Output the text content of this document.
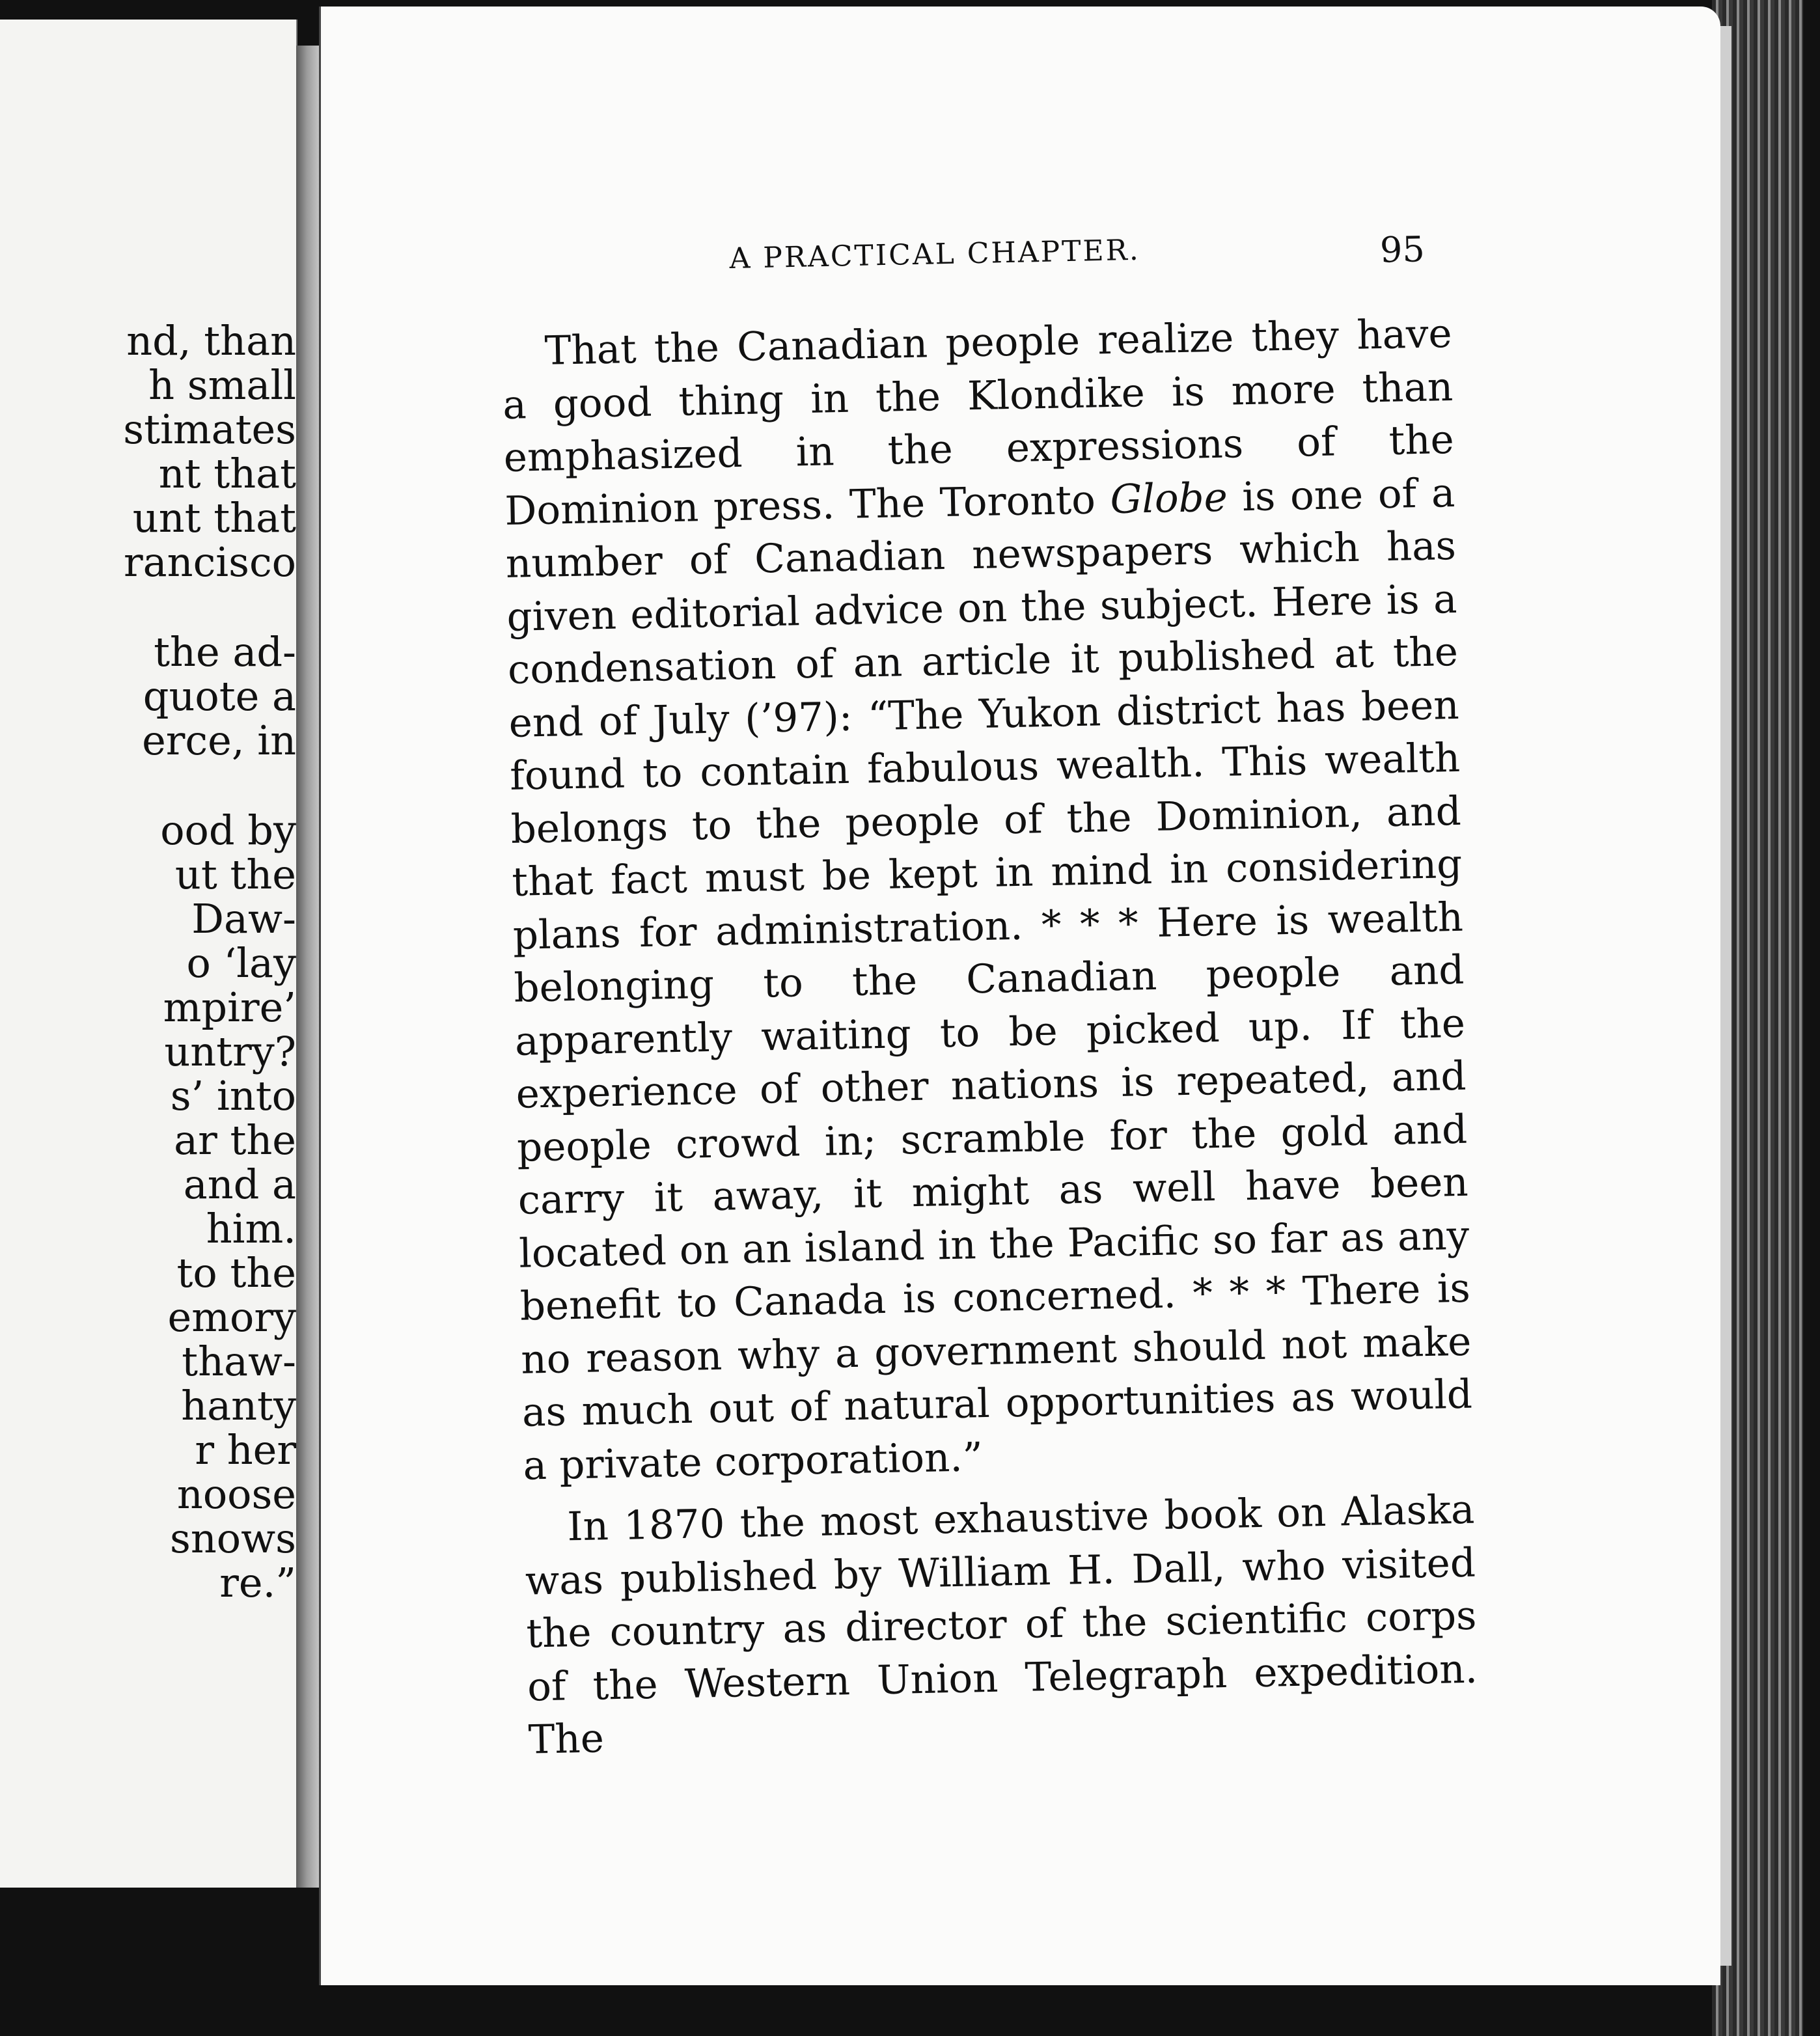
nd, than
h small
stimates
nt that
unt that
rancisco
the ad-
quote a
erce, in
ood by
ut the
Daw-
o ‘lay
mpire’
untry?
s’ into
ar the
and a
him.
to the
emory
thaw-
hanty
r her
noose
snows
re.”
A PRACTICAL CHAPTER.	95

That the Canadian people realize they have a good thing in the Klondike is more than emphasized in the expressions of the Dominion press. The Toronto Globe is one of a number of Canadian newspapers which has given editorial advice on the subject. Here is a condensation of an article it published at the end of July (’97): “The Yukon district has been found to contain fabulous wealth. This wealth belongs to the people of the Dominion, and that fact must be kept in mind in considering plans for administration. * * * Here is wealth belonging to the Canadian people and apparently waiting to be picked up. If the experience of other nations is repeated, and people crowd in; scramble for the gold and carry it away, it might as well have been located on an island in the Pacific so far as any benefit to Canada is concerned. * * * There is no reason why a government should not make as much out of natural opportunities as would a private corporation.”

In 1870 the most exhaustive book on Alaska was published by William H. Dall, who visited the country as director of the scientific corps of the Western Union Telegraph expedition. The
